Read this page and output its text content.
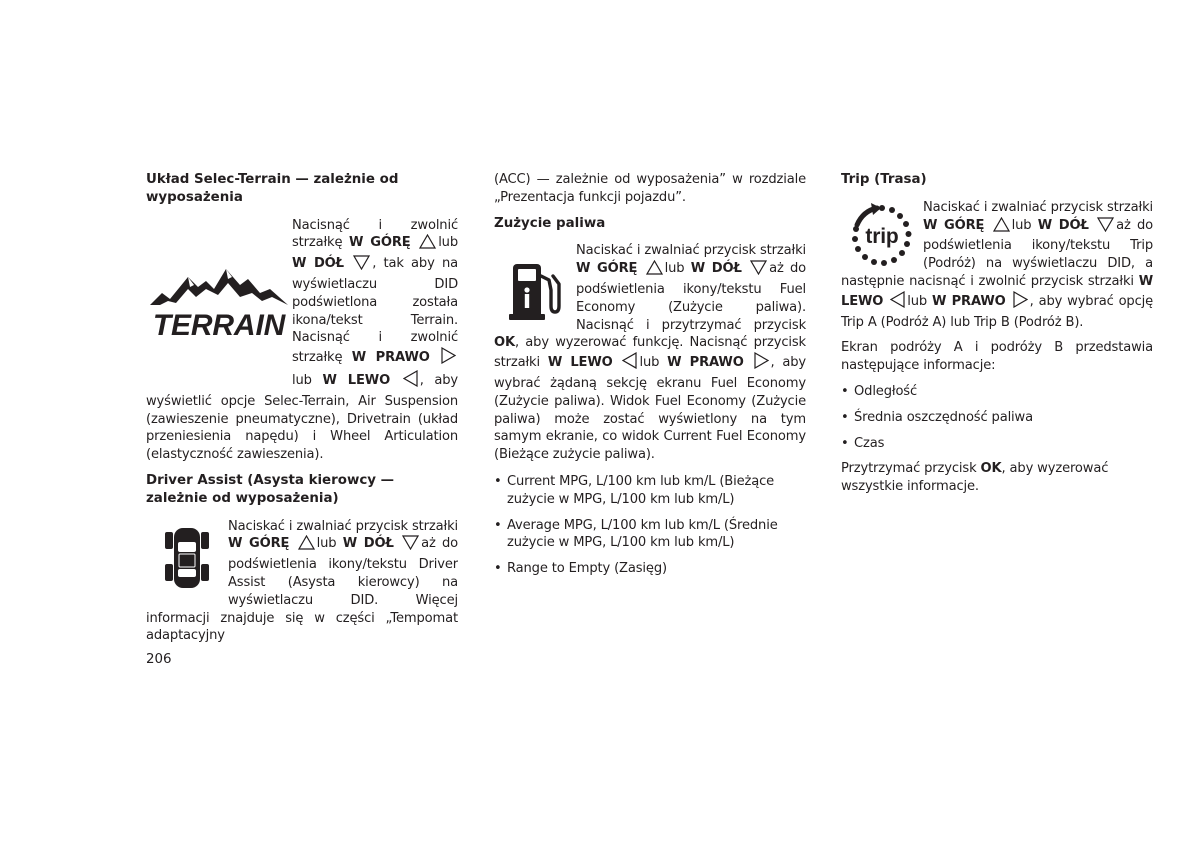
Układ Selec-Terrain — zależnie od wyposażenia
TERRAIN
Nacisnąć i zwolnić strzałkę W GÓRĘ lub W DÓŁ , tak aby na wyświetlaczu DID podświetlona została ikona/tekst Terrain. Nacisnąć i zwolnić strzałkę W PRAWO lub W LEWO , aby wyświetlić opcje Selec-Terrain, Air Suspension (zawieszenie pneumatyczne), Drivetrain (układ przeniesienia napędu) i Wheel Articulation (elastyczność zawieszenia).
Driver Assist (Asysta kierowcy — zależnie od wyposażenia)
Naciskać i zwalniać przycisk strzałki W GÓRĘ lub W DÓŁ aż do podświetlenia ikony/tekstu Driver Assist (Asysta kierowcy) na wyświetlaczu DID. Więcej informacji znajduje się w części „Tempomat adaptacyjny

(ACC) — zależnie od wyposażenia” w rozdziale „Prezentacja funkcji pojazdu”.

Zużycie paliwa
Naciskać i zwalniać przycisk strzałki W GÓRĘ lub W DÓŁ aż do podświetlenia ikony/tekstu Fuel Economy (Zużycie paliwa). Nacisnąć i przytrzymać przycisk OK, aby wyzerować funkcję. Nacisnąć przycisk strzałki W LEWO lub W PRAWO , aby wybrać żądaną sekcję ekranu Fuel Economy (Zużycie paliwa). Widok Fuel Economy (Zużycie paliwa) może zostać wyświetlony na tym samym ekranie, co widok Current Fuel Economy (Bieżące zużycie paliwa).
• Current MPG, L/100 km lub km/L (Bieżące zużycie w MPG, L/100 km lub km/L)
• Average MPG, L/100 km lub km/L (Średnie zużycie w MPG, L/100 km lub km/L)
• Range to Empty (Zasięg)
Trip (Trasa)
trip
Naciskać i zwalniać przycisk strzałki W GÓRĘ lub W DÓŁ aż do podświetlenia ikony/tekstu Trip (Podróż) na wyświetlaczu DID, a następnie nacisnąć i zwolnić przycisk strzałki W LEWO lub W PRAWO , aby wybrać opcję Trip A (Podróż A) lub Trip B (Podróż B).

Ekran podróży A i podróży B przedstawia następujące informacje:

• Odległość
• Średnia oszczędność paliwa
• Czas

Przytrzymać przycisk OK, aby wyzerować wszystkie informacje.

206
